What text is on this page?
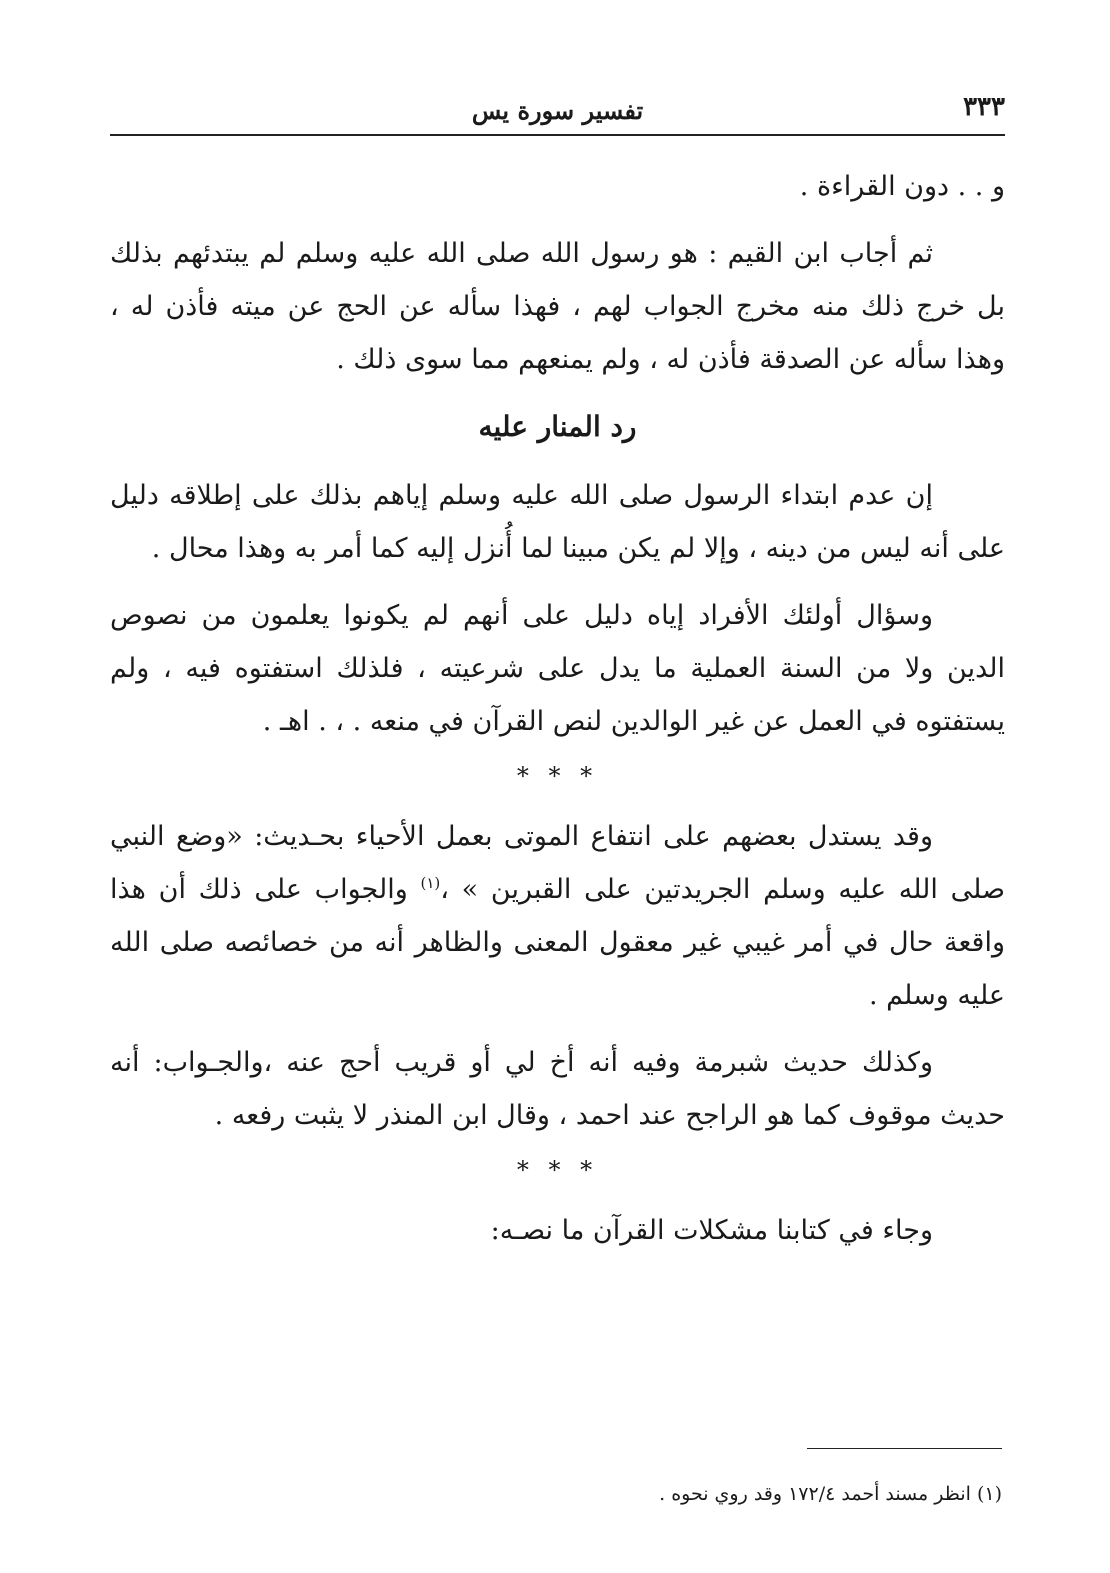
٣٣٣
تفسير سورة يس

و . . دون القراءة .

ثم أجاب ابن القيم : هو رسول الله صلى الله عليه وسلم لم يبتدئهم بذلك بل خرج ذلك منه مخرج الجواب لهم ، فهذا سأله عن الحج عن ميته فأذن له ، وهذا سأله عن الصدقة فأذن له ، ولم يمنعهم مما سوى ذلك .

رد المنار عليه

إن عدم ابتداء الرسول صلى الله عليه وسلم إياهم بذلك على إطلاقه دليل على أنه ليس من دينه ، وإلا لم يكن مبينا لما أُنزل إليه كما أمر به وهذا محال .

وسؤال أولئك الأفراد إياه دليل على أنهم لم يكونوا يعلمون من نصوص الدين ولا من السنة العملية ما يدل على شرعيته ، فلذلك استفتوه فيه ، ولم يستفتوه في العمل عن غير الوالدين لنص القرآن في منعه . ، . اهـ .

* * *

وقد يستدل بعضهم على انتفاع الموتى بعمل الأحياء بحـديث: «وضع النبي صلى الله عليه وسلم الجريدتين على القبرين » ،$^{(١)}$ والجواب على ذلك أن هذا واقعة حال في أمر غيبي غير معقول المعنى والظاهر أنه من خصائصه صلى الله عليه وسلم .

وكذلك حديث شبرمة وفيه أنه أخ لي أو قريب أحج عنه ،والجـواب: أنه حديث موقوف كما هو الراجح عند احمد ، وقال ابن المنذر لا يثبت رفعه .

* * *

وجاء في كتابنا مشكلات القرآن ما نصـه:

(١) انظر مسند أحمد ١٧٢/٤ وقد روي نحوه .
